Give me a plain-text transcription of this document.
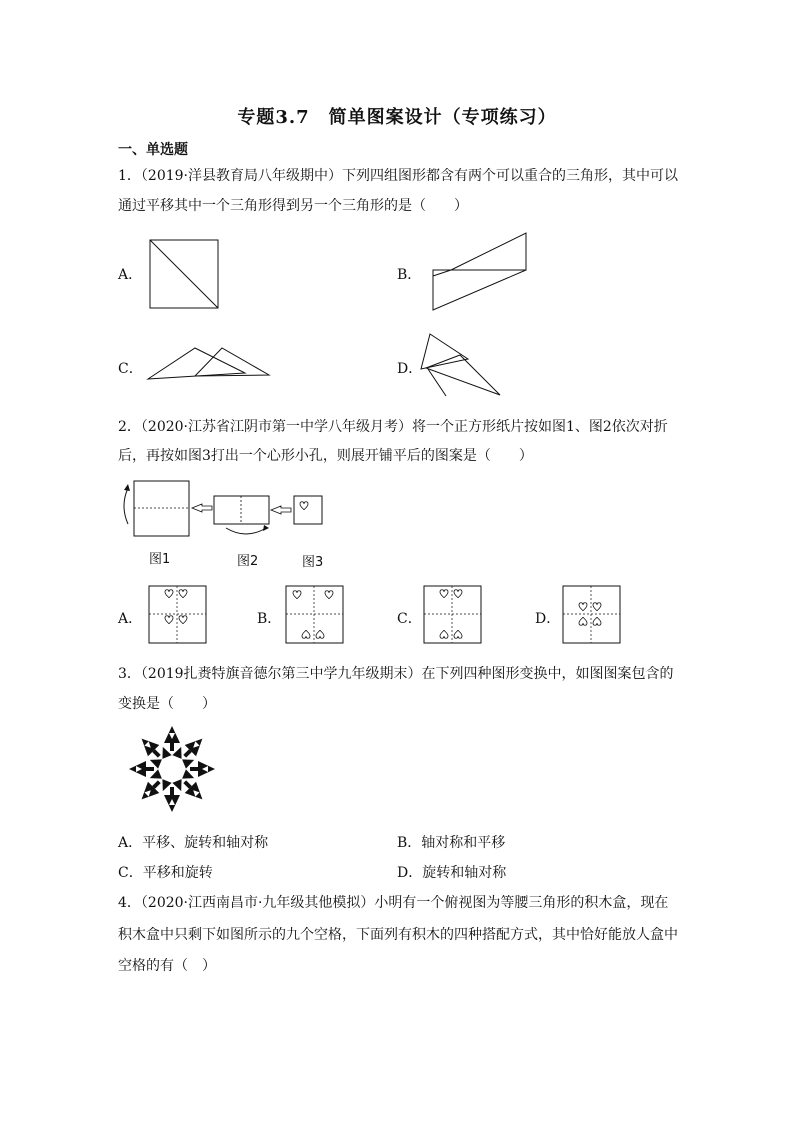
专题3.7　简单图案设计（专项练习）
一、单选题
1．（2019·洋县教育局八年级期中）下列四组图形都含有两个可以重合的三角形，其中可以
通过平移其中一个三角形得到另一个三角形的是（　　）
A．	B．
C．	D．
2．（2020·江苏省江阴市第一中学八年级月考）将一个正方形纸片按如图1、图2依次对折
后，再按如图3打出一个心形小孔，则展开铺平后的图案是（　　）
图1	图2	图3
A．	B．	C．	D．
3．（2019扎赉特旗音德尔第三中学九年级期末）在下列四种图形变换中，如图图案包含的
变换是（　　）
A．平移、旋转和轴对称	B．轴对称和平移
C．平移和旋转	D．旋转和轴对称
4．（2020·江西南昌市·九年级其他模拟）小明有一个俯视图为等腰三角形的积木盒，现在
积木盒中只剩下如图所示的九个空格，下面列有积木的四种搭配方式，其中恰好能放人盒中
空格的有（　）
